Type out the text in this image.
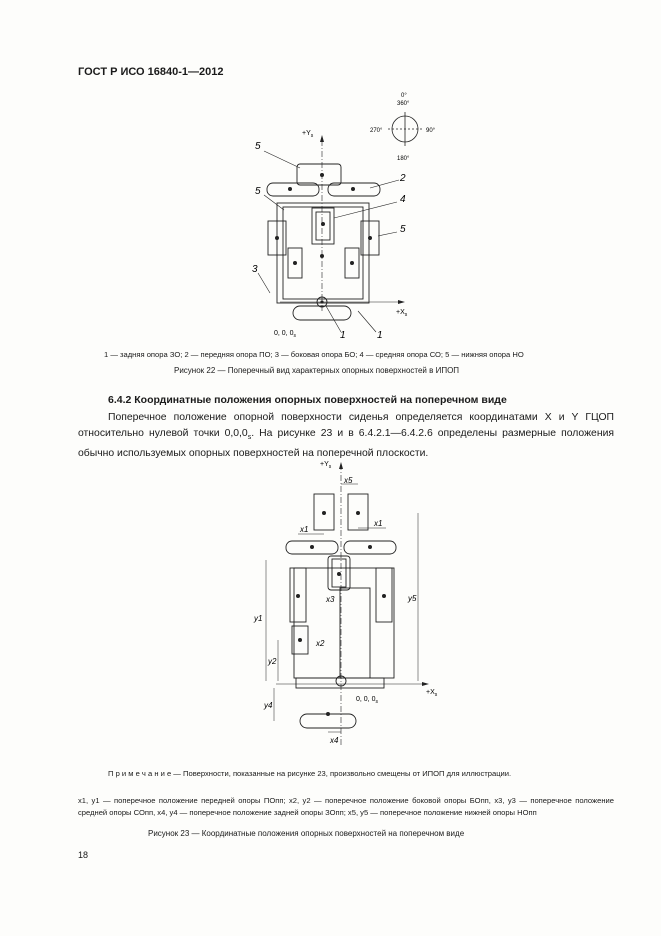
ГОСТ Р ИСО 16840-1—2012
0°
360°
270°	90°
180°
$+Y_s$
$+X_s$
5
2
5
4
5
3
1	1
0, 0, $0_s$
1 — задняя опора ЗО; 2 — передняя опора ПО; 3 — боковая опора БО; 4 — средняя опора СО; 5 — нижняя опора НО
Рисунок 22 — Поперечный вид характерных опорных поверхностей в ИПОП
6.4.2 Координатные положения опорных поверхностей на поперечном виде
Поперечное положение опорной поверхности сиденья определяется координатами X и Y ГЦОП относительно нулевой точки $0,0,0_s$. На рисунке 23 и в 6.4.2.1—6.4.2.6 определены размерные положения обычно используемых опорных поверхностей на поперечной плоскости.
$+Y_s$
$+X_s$
x5
x1
x1
x3
x2
x4
y1
y2
y4
y5
0, 0, $0_s$
П р и м е ч а н и е — Поверхности, показанные на рисунке 23, произвольно смещены от ИПОП для иллюстрации.
x1, y1 — поперечное положение передней опоры ПОпп; x2, y2 — поперечное положение боковой опоры БОпп, x3, y3 — поперечное положение средней опоры СОпп, x4, y4 — поперечное положение задней опоры ЗОпп; x5, y5 — поперечное положение нижней опоры НОпп
Рисунок 23 — Координатные положения опорных поверхностей на поперечном виде
18
